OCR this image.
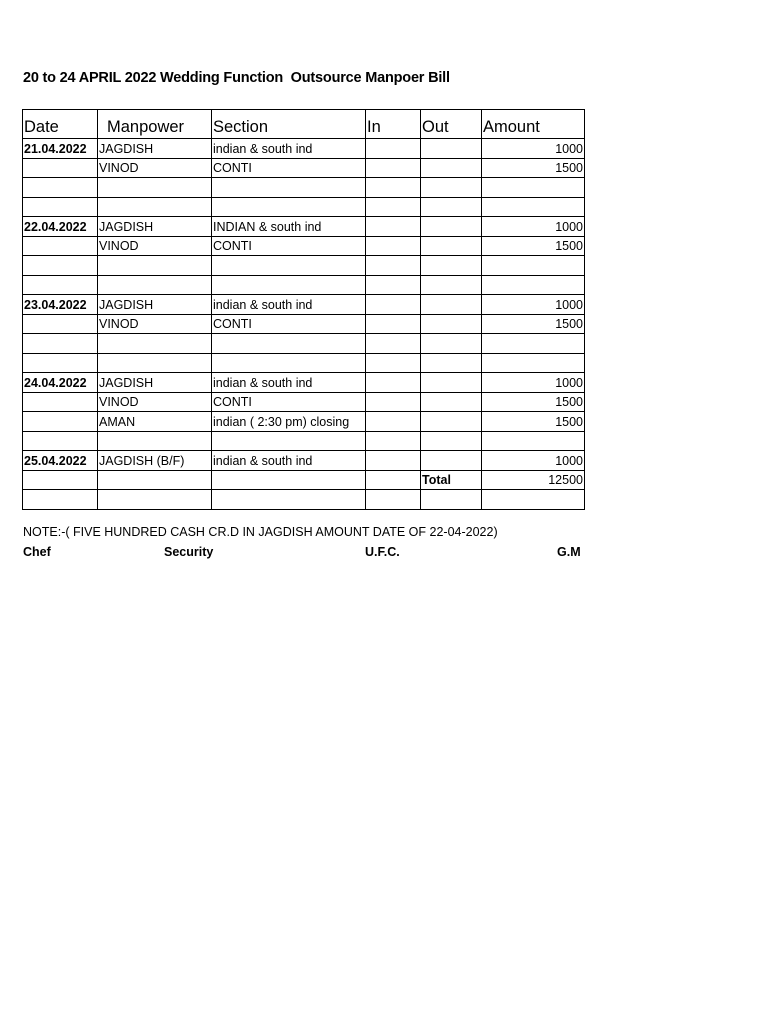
20 to 24 APRIL 2022 Wedding Function  Outsource Manpoer Bill
Date	Manpower	Section	In	Out	Amount
21.04.2022	JAGDISH	indian & south ind			1000
	VINOD	CONTI			1500

22.04.2022	JAGDISH	INDIAN & south ind			1000
	VINOD	CONTI			1500

23.04.2022	JAGDISH	indian & south ind			1000
	VINOD	CONTI			1500

24.04.2022	JAGDISH	indian & south ind			1000
	VINOD	CONTI			1500
	AMAN	indian ( 2:30 pm) closing			1500

25.04.2022	JAGDISH (B/F)	indian & south ind			1000
				Total	12500

NOTE:-( FIVE HUNDRED CASH CR.D IN JAGDISH AMOUNT DATE OF 22-04-2022)
Chef	Security	U.F.C.	G.M
